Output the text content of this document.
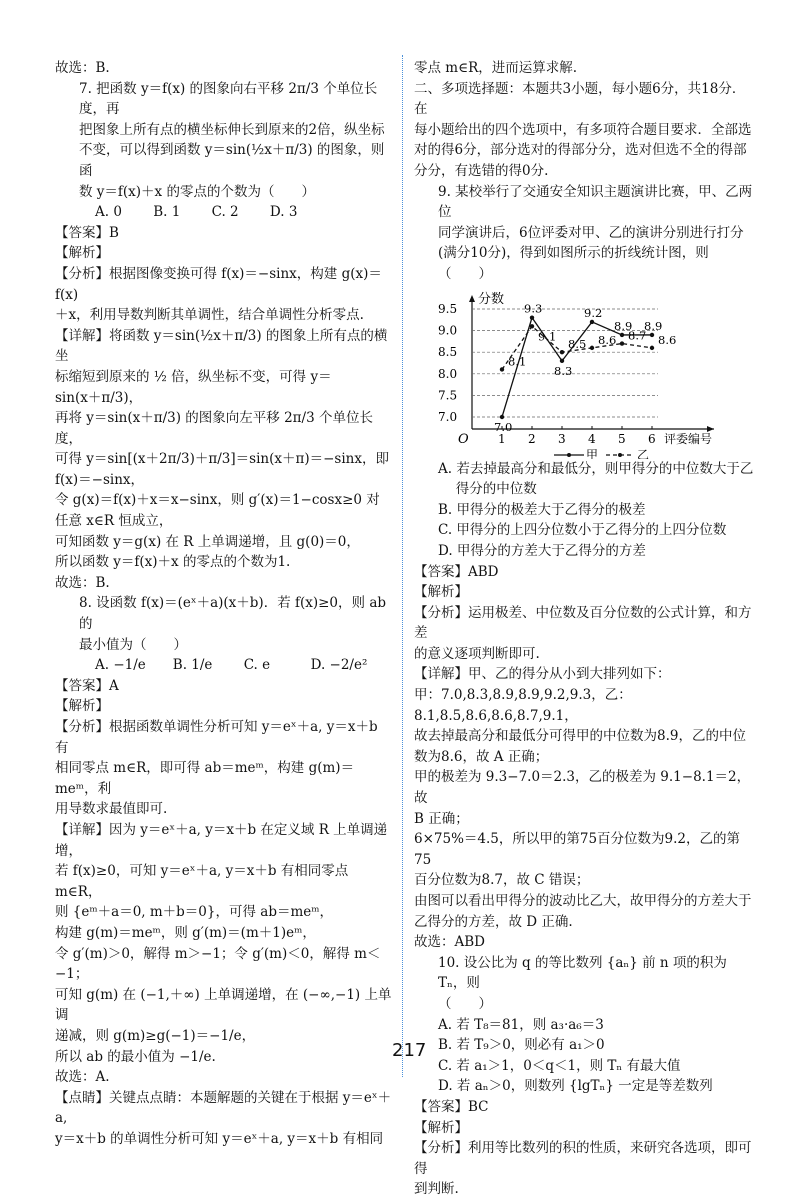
故选：B.

7. 把函数 y＝f(x) 的图象向右平移 2π/3 个单位长度，再

把图象上所有点的横坐标伸长到原来的2倍，纵坐标

不变，可以得到函数 y＝sin(½x＋π/3) 的图象，则函

数 y＝f(x)＋x 的零点的个数为（　　）

A. 0　　 B. 1　　 C. 2　　 D. 3

【答案】B

【解析】

【分析】根据图像变换可得 f(x)＝−sinx，构建 g(x)＝f(x)

＋x，利用导数判断其单调性，结合单调性分析零点.

【详解】将函数 y＝sin(½x＋π/3) 的图象上所有点的横坐

标缩短到原来的 ½ 倍，纵坐标不变，可得 y＝

sin(x＋π/3)，

再将 y＝sin(x＋π/3) 的图象向左平移 2π/3 个单位长度，

可得 y＝sin[(x＋2π/3)＋π/3]＝sin(x＋π)＝−sinx，即

f(x)＝−sinx，

令 g(x)＝f(x)＋x＝x−sinx，则 g′(x)＝1−cosx≥0 对

任意 x∈R 恒成立，

可知函数 y＝g(x) 在 R 上单调递增，且 g(0)＝0，

所以函数 y＝f(x)＋x 的零点的个数为1.

故选：B.

8. 设函数 f(x)＝(eˣ＋a)(x＋b)．若 f(x)≥0，则 ab 的

最小值为（　　）

A. −1/e　　B. 1/e　　 C. e　　　D. −2/e²

【答案】A

【解析】

【分析】根据函数单调性分析可知 y＝eˣ＋a, y＝x＋b 有

相同零点 m∈R，即可得 ab＝meᵐ，构建 g(m)＝meᵐ，利

用导数求最值即可.

【详解】因为 y＝eˣ＋a, y＝x＋b 在定义域 R 上单调递增，

若 f(x)≥0，可知 y＝eˣ＋a, y＝x＋b 有相同零点 m∈R，

则 {eᵐ＋a＝0, m＋b＝0}，可得 ab＝meᵐ，

构建 g(m)＝meᵐ，则 g′(m)＝(m＋1)eᵐ，

令 g′(m)＞0，解得 m＞−1；令 g′(m)＜0，解得 m＜−1；

可知 g(m) 在 (−1,＋∞) 上单调递增，在 (−∞,−1) 上单调

递减，则 g(m)≥g(−1)＝−1/e，

所以 ab 的最小值为 −1/e.

故选：A.

【点睛】关键点点睛：本题解题的关键在于根据 y＝eˣ＋a,

y＝x＋b 的单调性分析可知 y＝eˣ＋a, y＝x＋b 有相同

零点 m∈R，进而运算求解.

二、多项选择题：本题共3小题，每小题6分，共18分．在

每小题给出的四个选项中，有多项符合题目要求．全部选

对的得6分，部分选对的得部分分，选对但选不全的得部

分分，有选错的得0分.

9. 某校举行了交通安全知识主题演讲比赛，甲、乙两位

同学演讲后，6位评委对甲、乙的演讲分别进行打分

(满分10分)，得到如图所示的折线统计图，则（　　）

分数
O	评委编号
7.0
7.5
8.0
8.5
9.0
9.5
1 2 3 4 5 6
7.0
9.3
8.3
9.2
8.9 8.9
8.1
9.1
8.5 8.6 8.7 8.6
甲	乙

A. 若去掉最高分和最低分，则甲得分的中位数大于乙

　 得分的中位数

B. 甲得分的极差大于乙得分的极差

C. 甲得分的上四分位数小于乙得分的上四分位数

D. 甲得分的方差大于乙得分的方差

【答案】ABD

【解析】

【分析】运用极差、中位数及百分位数的公式计算，和方差

的意义逐项判断即可.

【详解】甲、乙的得分从小到大排列如下：

甲：7.0,8.3,8.9,8.9,9.2,9.3，乙：8.1,8.5,8.6,8.6,8.7,9.1，

故去掉最高分和最低分可得甲的中位数为8.9，乙的中位

数为8.6，故 A 正确；

甲的极差为 9.3−7.0＝2.3，乙的极差为 9.1−8.1＝2，故

B 正确；

6×75%＝4.5，所以甲的第75百分位数为9.2，乙的第75

百分位数为8.7，故 C 错误；

由图可以看出甲得分的波动比乙大，故甲得分的方差大于

乙得分的方差，故 D 正确.

故选：ABD

10. 设公比为 q 的等比数列 {aₙ} 前 n 项的积为 Tₙ，则

（　　）

A. 若 T₈＝81，则 a₃·a₆＝3

B. 若 T₉＞0，则必有 a₁＞0

C. 若 a₁＞1，0＜q＜1，则 Tₙ 有最大值

D. 若 aₙ＞0，则数列 {lgTₙ} 一定是等差数列

【答案】BC

【解析】

【分析】利用等比数列的积的性质，来研究各选项，即可得

到判断.

217
